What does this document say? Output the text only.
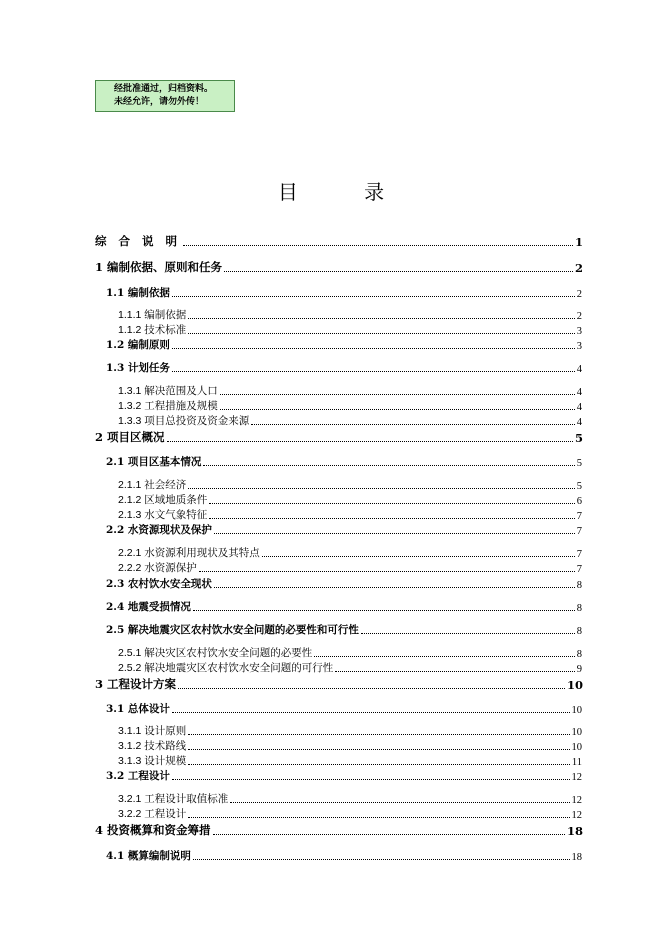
经批准通过，归档资料。
未经允许，请勿外传！
目	录
综 合 说 明	1
1 编制依据、原则和任务	2
1.1 编制依据	2
1.1.1 编制依据	2
1.1.2 技术标准	3
1.2 编制原则	3
1.3 计划任务	4
1.3.1 解决范围及人口	4
1.3.2 工程措施及规模	4
1.3.3 项目总投资及资金来源	4
2 项目区概况	5
2.1 项目区基本情况	5
2.1.1 社会经济	5
2.1.2 区域地质条件	6
2.1.3 水文气象特征	7
2.2 水资源现状及保护	7
2.2.1 水资源利用现状及其特点	7
2.2.2 水资源保护	7
2.3 农村饮水安全现状	8
2.4 地震受损情况	8
2.5 解决地震灾区农村饮水安全问题的必要性和可行性	8
2.5.1 解决灾区农村饮水安全问题的必要性	8
2.5.2 解决地震灾区农村饮水安全问题的可行性	9
3 工程设计方案	10
3.1 总体设计	10
3.1.1 设计原则	10
3.1.2 技术路线	10
3.1.3 设计规模	11
3.2 工程设计	12
3.2.1 工程设计取值标准	12
3.2.2 工程设计	12
4 投资概算和资金筹措	18
4.1 概算编制说明	18
